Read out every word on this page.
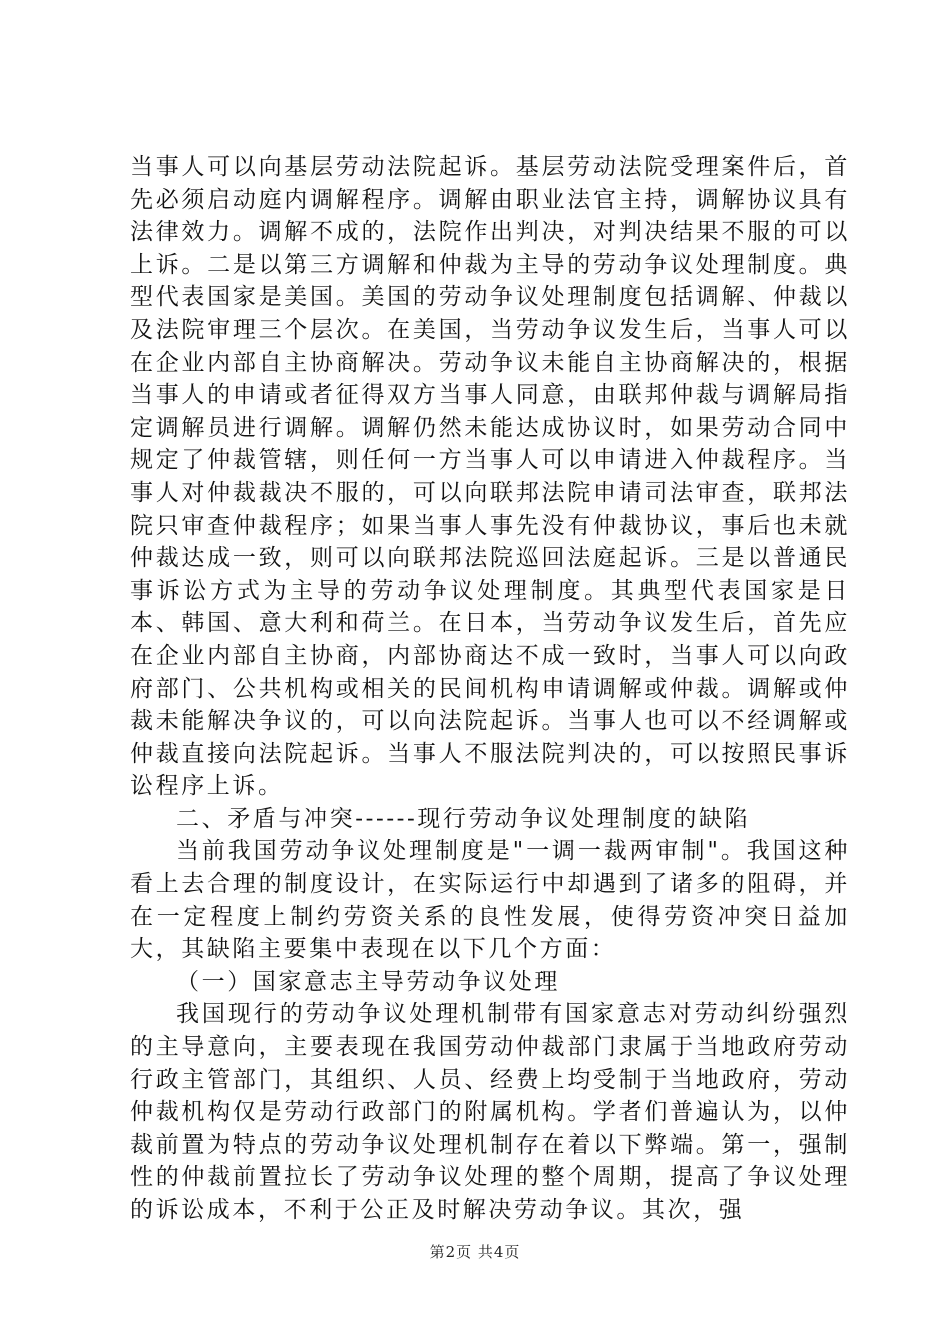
当事人可以向基层劳动法院起诉。基层劳动法院受理案件后，首先必须启动庭内调解程序。调解由职业法官主持，调解协议具有法律效力。调解不成的，法院作出判决，对判决结果不服的可以上诉。二是以第三方调解和仲裁为主导的劳动争议处理制度。典型代表国家是美国。美国的劳动争议处理制度包括调解、仲裁以及法院审理三个层次。在美国，当劳动争议发生后，当事人可以在企业内部自主协商解决。劳动争议未能自主协商解决的，根据当事人的申请或者征得双方当事人同意，由联邦仲裁与调解局指定调解员进行调解。调解仍然未能达成协议时，如果劳动合同中规定了仲裁管辖，则任何一方当事人可以申请进入仲裁程序。当事人对仲裁裁决不服的，可以向联邦法院申请司法审查，联邦法院只审查仲裁程序；如果当事人事先没有仲裁协议，事后也未就仲裁达成一致，则可以向联邦法院巡回法庭起诉。三是以普通民事诉讼方式为主导的劳动争议处理制度。其典型代表国家是日本、韩国、意大利和荷兰。在日本，当劳动争议发生后，首先应在企业内部自主协商，内部协商达不成一致时，当事人可以向政府部门、公共机构或相关的民间机构申请调解或仲裁。调解或仲裁未能解决争议的，可以向法院起诉。当事人也可以不经调解或仲裁直接向法院起诉。当事人不服法院判决的，可以按照民事诉讼程序上诉。

二、矛盾与冲突------现行劳动争议处理制度的缺陷

当前我国劳动争议处理制度是"一调一裁两审制"。我国这种看上去合理的制度设计，在实际运行中却遇到了诸多的阻碍，并在一定程度上制约劳资关系的良性发展，使得劳资冲突日益加大，其缺陷主要集中表现在以下几个方面：

（一）国家意志主导劳动争议处理

我国现行的劳动争议处理机制带有国家意志对劳动纠纷强烈的主导意向，主要表现在我国劳动仲裁部门隶属于当地政府劳动行政主管部门，其组织、人员、经费上均受制于当地政府，劳动仲裁机构仅是劳动行政部门的附属机构。学者们普遍认为，以仲裁前置为特点的劳动争议处理机制存在着以下弊端。第一，强制性的仲裁前置拉长了劳动争议处理的整个周期，提高了争议处理的诉讼成本，不利于公正及时解决劳动争议。其次，强

第2页 共4页
